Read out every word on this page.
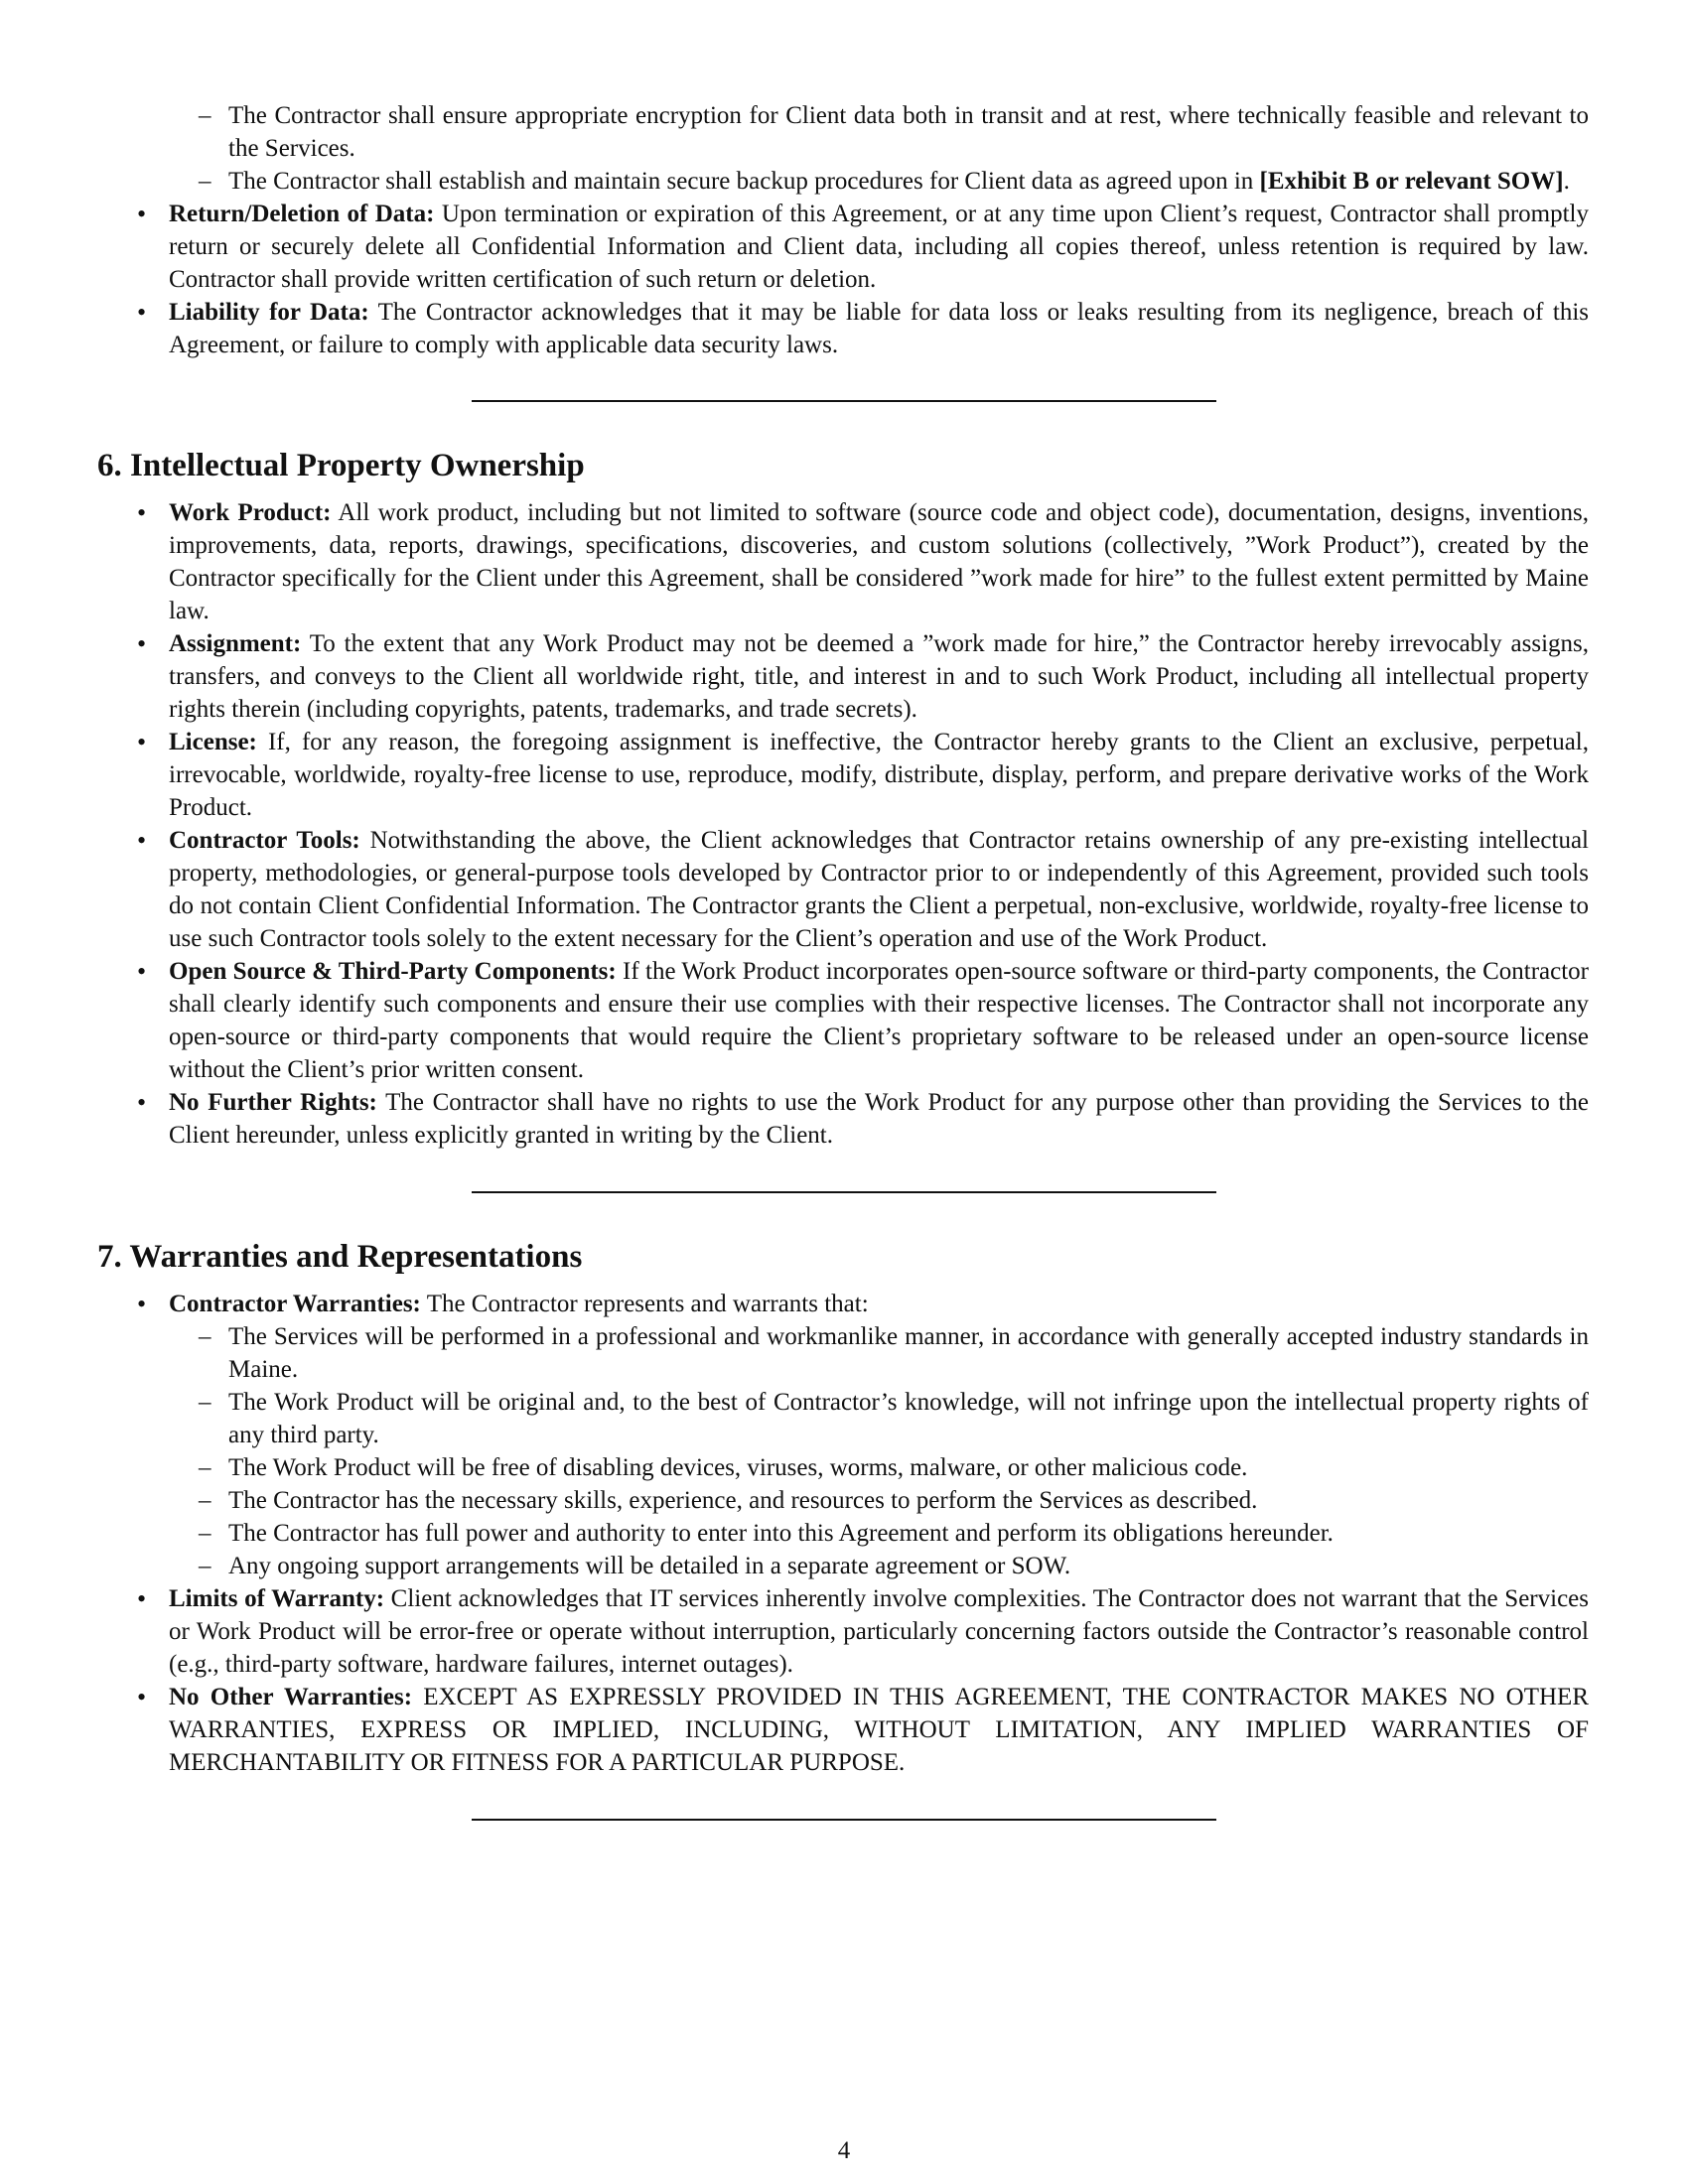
– The Contractor shall ensure appropriate encryption for Client data both in transit and at rest, where technically feasible and relevant to the Services.
– The Contractor shall establish and maintain secure backup procedures for Client data as agreed upon in [Exhibit B or relevant SOW].
• Return/Deletion of Data: Upon termination or expiration of this Agreement, or at any time upon Client’s request, Contractor shall promptly return or securely delete all Confidential Information and Client data, including all copies thereof, unless retention is required by law. Contractor shall provide written certification of such return or deletion.
• Liability for Data: The Contractor acknowledges that it may be liable for data loss or leaks resulting from its negligence, breach of this Agreement, or failure to comply with applicable data security laws.
6. Intellectual Property Ownership
• Work Product: All work product, including but not limited to software (source code and object code), documentation, designs, inventions, improvements, data, reports, drawings, specifications, discoveries, and custom solutions (collectively, ”Work Product”), created by the Contractor specifically for the Client under this Agreement, shall be considered ”work made for hire” to the fullest extent permitted by Maine law.
• Assignment: To the extent that any Work Product may not be deemed a ”work made for hire,” the Contractor hereby irrevocably assigns, transfers, and conveys to the Client all worldwide right, title, and interest in and to such Work Product, including all intellectual property rights therein (including copyrights, patents, trademarks, and trade secrets).
• License: If, for any reason, the foregoing assignment is ineffective, the Contractor hereby grants to the Client an exclusive, perpetual, irrevocable, worldwide, royalty-free license to use, reproduce, modify, distribute, display, perform, and prepare derivative works of the Work Product.
• Contractor Tools: Notwithstanding the above, the Client acknowledges that Contractor retains ownership of any pre-existing intellectual property, methodologies, or general-purpose tools developed by Contractor prior to or independently of this Agreement, provided such tools do not contain Client Confidential Information. The Contractor grants the Client a perpetual, non-exclusive, worldwide, royalty-free license to use such Contractor tools solely to the extent necessary for the Client’s operation and use of the Work Product.
• Open Source & Third-Party Components: If the Work Product incorporates open-source software or third-party components, the Contractor shall clearly identify such components and ensure their use complies with their respective licenses. The Contractor shall not incorporate any open-source or third-party components that would require the Client’s proprietary software to be released under an open-source license without the Client’s prior written consent.
• No Further Rights: The Contractor shall have no rights to use the Work Product for any purpose other than providing the Services to the Client hereunder, unless explicitly granted in writing by the Client.
7. Warranties and Representations
• Contractor Warranties: The Contractor represents and warrants that:
– The Services will be performed in a professional and workmanlike manner, in accordance with generally accepted industry standards in Maine.
– The Work Product will be original and, to the best of Contractor’s knowledge, will not infringe upon the intellectual property rights of any third party.
– The Work Product will be free of disabling devices, viruses, worms, malware, or other malicious code.
– The Contractor has the necessary skills, experience, and resources to perform the Services as described.
– The Contractor has full power and authority to enter into this Agreement and perform its obligations hereunder.
– Any ongoing support arrangements will be detailed in a separate agreement or SOW.
• Limits of Warranty: Client acknowledges that IT services inherently involve complexities. The Contractor does not warrant that the Services or Work Product will be error-free or operate without interruption, particularly concerning factors outside the Contractor’s reasonable control (e.g., third-party software, hardware failures, internet outages).
• No Other Warranties: EXCEPT AS EXPRESSLY PROVIDED IN THIS AGREEMENT, THE CONTRACTOR MAKES NO OTHER WARRANTIES, EXPRESS OR IMPLIED, INCLUDING, WITHOUT LIMITATION, ANY IMPLIED WARRANTIES OF MERCHANTABILITY OR FITNESS FOR A PARTICULAR PURPOSE.
4
